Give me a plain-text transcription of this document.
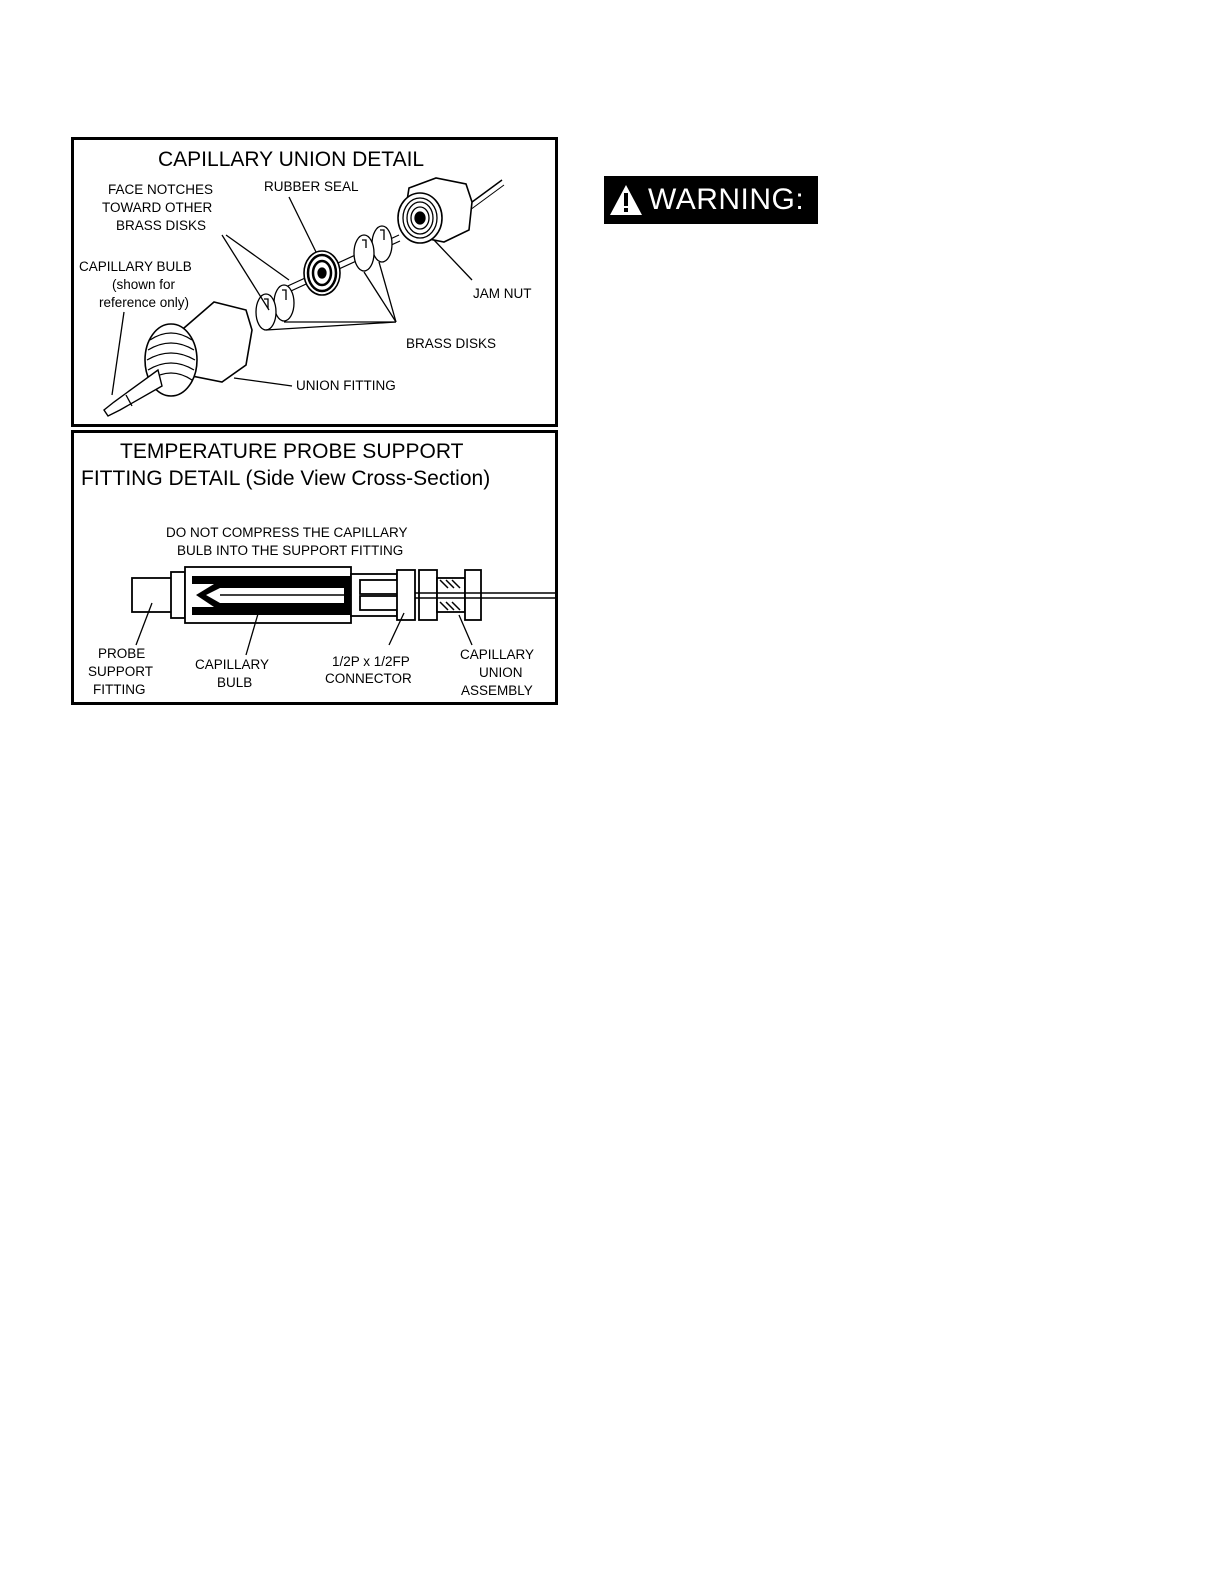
CAPILLARY UNION DETAIL
FACE NOTCHES
TOWARD OTHER
BRASS DISKS
RUBBER SEAL
CAPILLARY BULB
(shown for
reference only)
JAM NUT
BRASS DISKS
UNION FITTING
TEMPERATURE PROBE SUPPORT
FITTING DETAIL (Side View Cross-Section)
DO NOT COMPRESS THE CAPILLARY
BULB INTO THE SUPPORT FITTING
PROBE
SUPPORT
FITTING
CAPILLARY
BULB
1/2P x 1/2FP
CONNECTOR
CAPILLARY
UNION
ASSEMBLY
WARNING:
